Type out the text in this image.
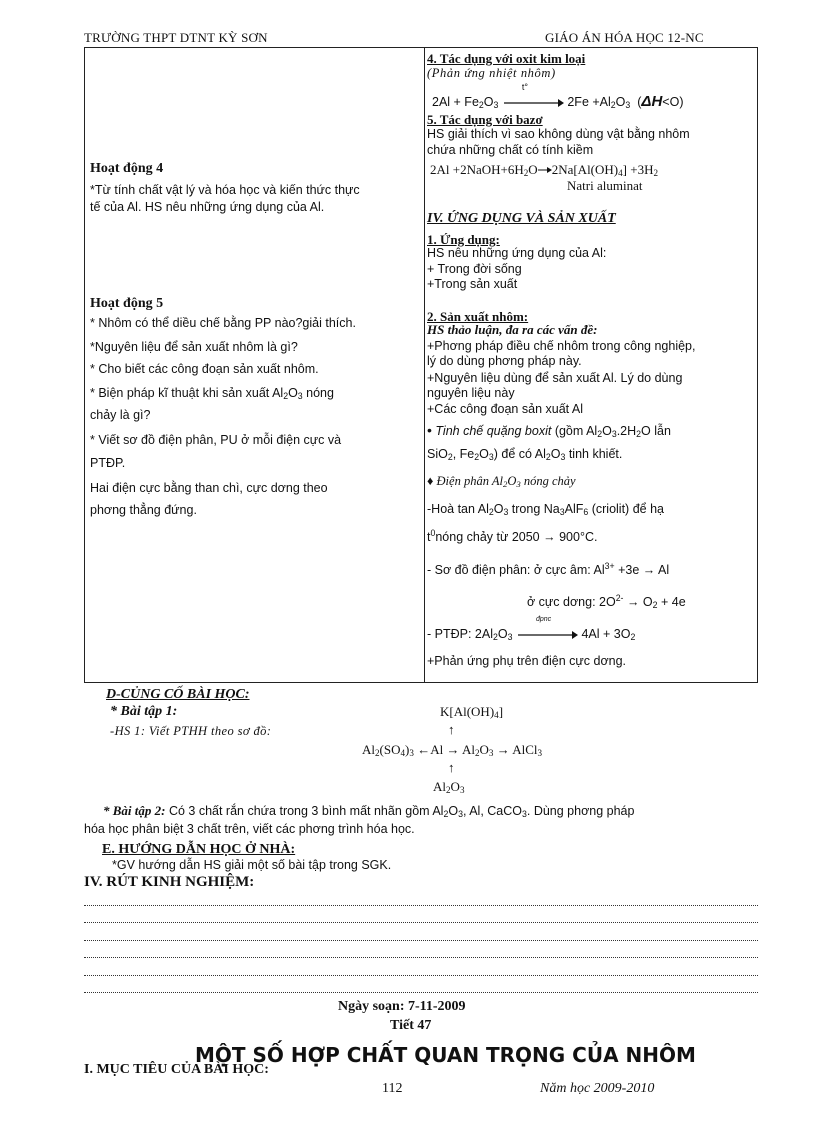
TRƯỜNG THPT DTNT KỲ SƠN	GIÁO ÁN HÓA HỌC 12-NC
Hoạt động 4
*Từ tính chất vật lý và hóa học và kiến thức thực
tế của Al. HS nêu những ứng dụng của Al.
Hoạt động 5
* Nhôm có thể diều chế bằng PP nào?giải thích.
*Nguyên liệu để sản xuất nhôm là gì?
* Cho biết các công đoạn sản xuất nhôm.
* Biện pháp kĩ thuật khi sản xuất $Al_2O_3$ nóng
chảy là gì?
* Viết sơ đồ điện phân, PU ở mỗi điện cực và
PTĐP.
Hai điện cực bằng than chì, cực dơng theo
phơng thẳng đứng.
4. Tác dụng với oxit kim loại
(Phản ứng nhiệt nhôm)
$2Al + Fe_2O_3$
t°
$2Fe +Al_2O_3$  (ΔH<O)
5. Tác dụng với bazơ
HS giải thích vì sao không dùng vật bằng nhôm
chứa những chất có tính kiềm
$2Al +2NaOH+6H_2O$ $2Na[Al(OH)_4] +3H_2$
Natri aluminat
IV. ỨNG DỤNG VÀ SẢN XUẤT
1. Ứng dụng:
HS nêu những ứng dụng của Al:
+ Trong đời sống
+Trong sản xuất
2. Sản xuất nhôm:
HS thảo luận, đa ra các vấn đề:
+Phơng pháp điều chế nhôm trong công nghiệp,
lý do dùng phơng pháp này.
+Nguyên liệu dùng để sản xuất Al. Lý do dùng
nguyên liệu này
+Các công đoạn sản xuất Al
• Tinh chế quặng boxit (gồm $Al_2O_3.2H_2O$ lẫn
SiO$_2$, $Fe_2O_3$) để có $Al_2O_3$ tinh khiết.
♦ Điện phân $Al_2O_3$ nóng chảy
-Hoà $\tan Al_2O_3$ trong $Na_3AlF_6$ (criolit) để hạ
$t^0nóng$ chảy từ 2050 → 900°C.
- Sơ đồ điện phân: ở cực âm: $Al^{3+} +3e \to Al$
ở cực dơng: $2O^{2-} \to O_2 + 4e$
- PTĐP: $2Al_2O_3$
đpnc
$4Al + 3O_2$
+Phản ứng phụ trên điện cực dơng.
D-CỦNG CỐ BÀI HỌC:
* Bài tập 1:
-HS 1: Viết PTHH theo sơ đồ:
$K[Al(OH)_4]$
↑
$Al_2(SO_4)_3$ ←Al → $Al_2O_3$ → AlCl$_3$
↑
$Al_2O_3$
* Bài tập 2: Có 3 chất rắn chứa trong 3 bình mất nhãn gồm $Al_2O_3$, Al, CaCO$_3$. Dùng phơng pháp
hóa học phân biệt 3 chất trên, viết các phơng trình hóa học.
E. HƯỚNG DẪN HỌC Ở NHÀ:
*GV hướng dẫn HS giải một số bài tập trong SGK.
IV. RÚT KINH NGHIỆM:
Ngày soạn: 7-11-2009
Tiết 47
I. MỤC TIÊU CỦA BÀI HỌC:
MỘT SỐ HỢP CHẤT QUAN TRỌNG CỦA NHÔM
112	Năm học 2009-2010
